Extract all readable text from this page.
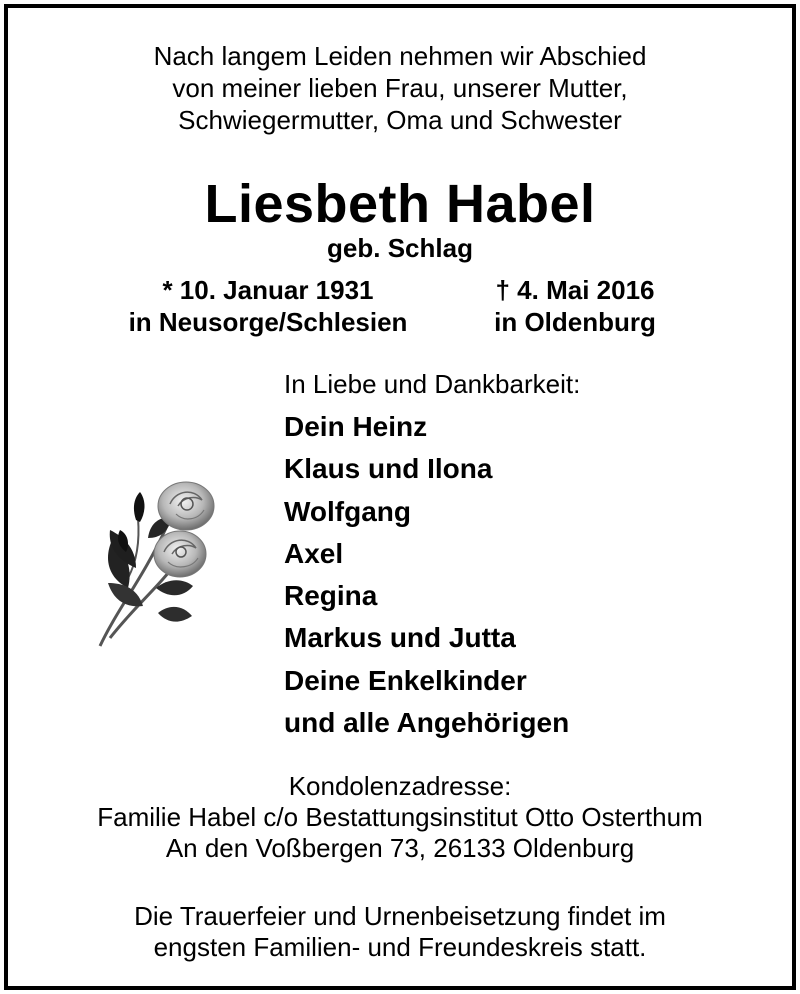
Nach langem Leiden nehmen wir Abschied
von meiner lieben Frau, unserer Mutter,
Schwiegermutter, Oma und Schwester
Liesbeth Habel
geb. Schlag
* 10. Januar 1931
in Neusorge/Schlesien
† 4. Mai 2016
in Oldenburg
In Liebe und Dankbarkeit:
Dein Heinz
Klaus und Ilona
Wolfgang
Axel
Regina
Markus und Jutta
Deine Enkelkinder
und alle Angehörigen
Kondolenzadresse:
Familie Habel c/o Bestattungsinstitut Otto Osterthum
An den Voßbergen 73, 26133 Oldenburg
Die Trauerfeier und Urnenbeisetzung findet im
engsten Familien- und Freundeskreis statt.
